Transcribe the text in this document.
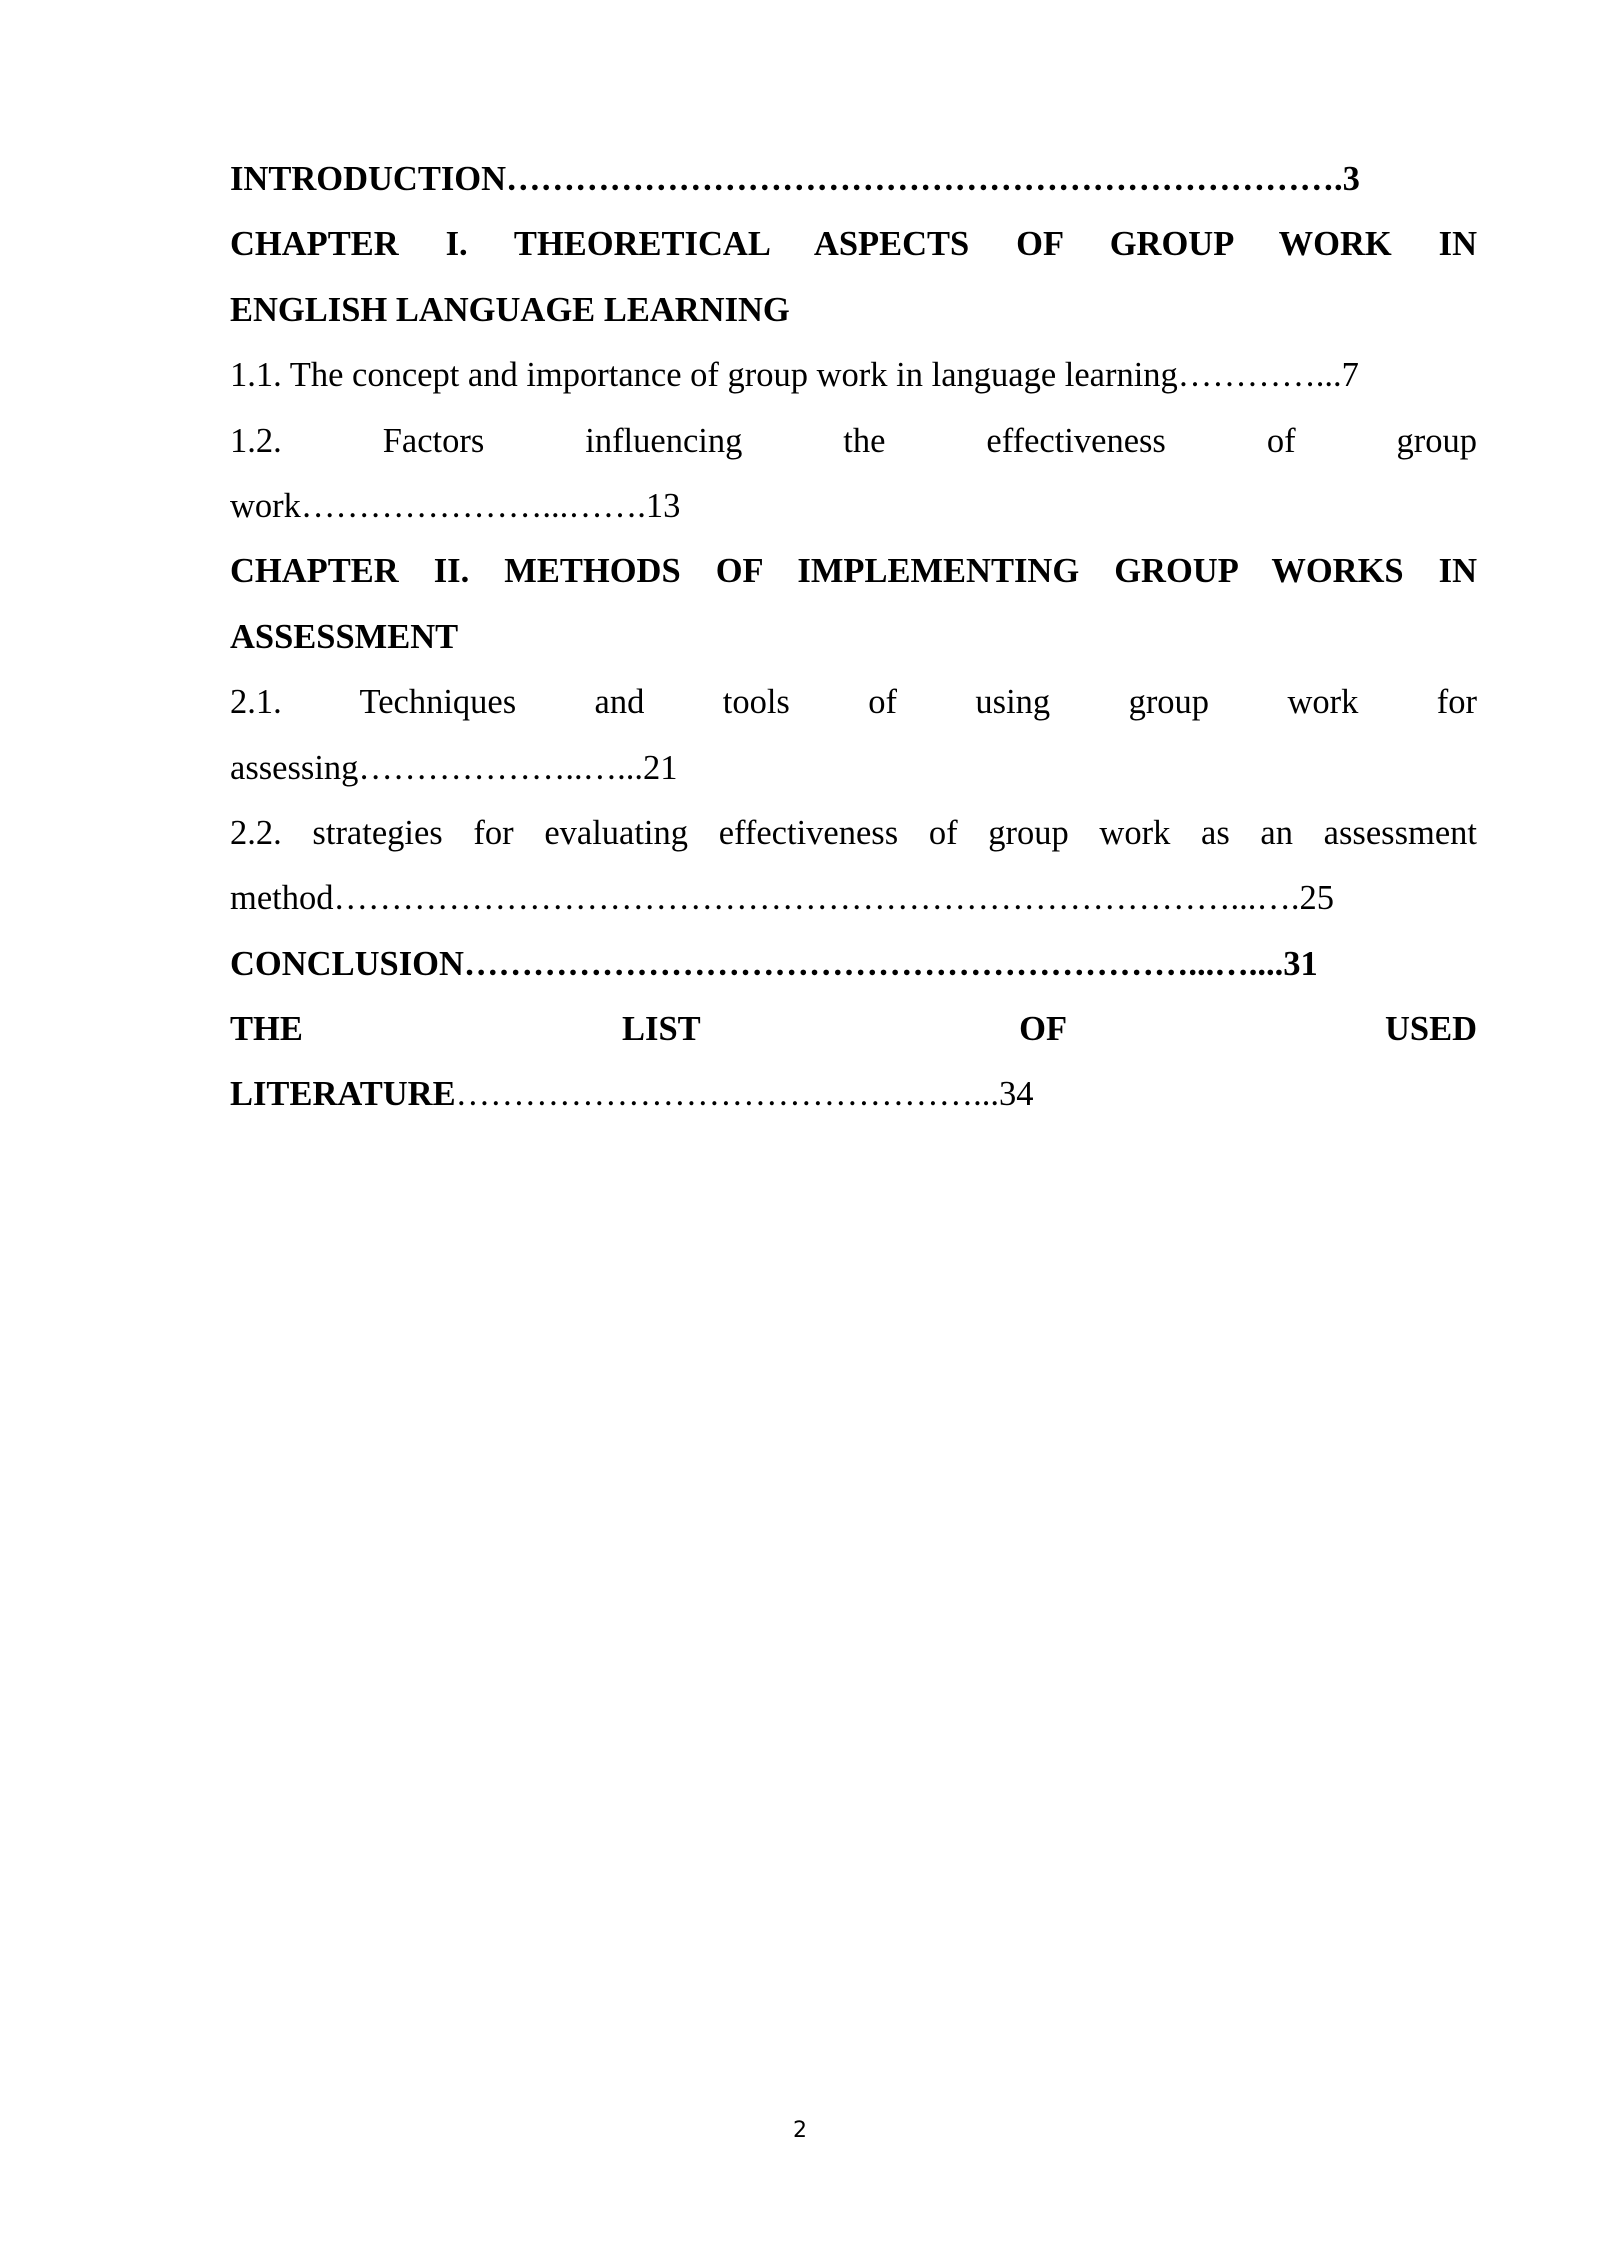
INTRODUCTION……………………………………………………………….3
CHAPTER I. THEORETICAL ASPECTS OF GROUP WORK IN
ENGLISH LANGUAGE LEARNING
1.1. The concept and importance of group work in language learning…………...7
1.2. Factors influencing the effectiveness of group
work…………………...…….13
CHAPTER II. METHODS OF IMPLEMENTING GROUP WORKS IN
ASSESSMENT
2.1. Techniques and tools of using group work for
assessing………………..…...21
2.2. strategies for evaluating effectiveness of group work as an assessment
method……………………………………………………………………...….25
CONCLUSION………………………………………………………...…....31
THE LIST OF USED
LITERATURE………………………………………...34
2
